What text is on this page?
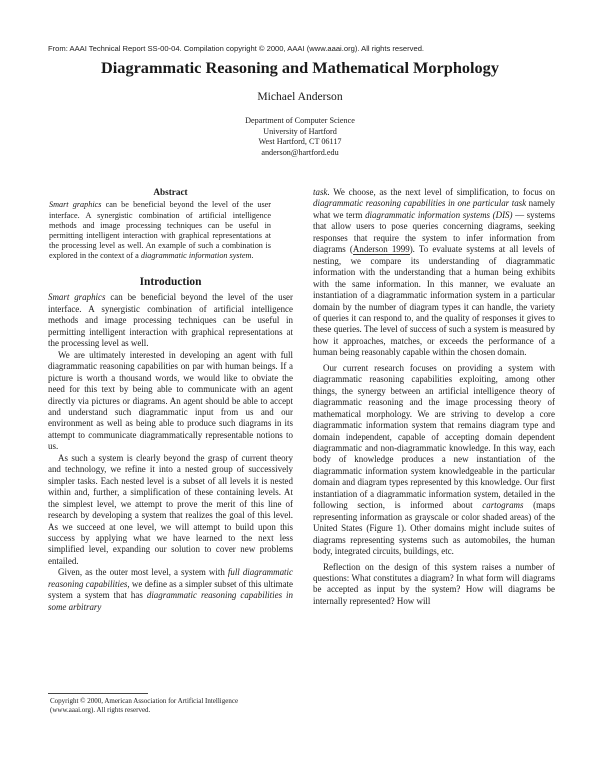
From: AAAI Technical Report SS-00-04. Compilation copyright © 2000, AAAI (www.aaai.org). All rights reserved.
Diagrammatic Reasoning and Mathematical Morphology
Michael Anderson
Department of Computer Science
University of Hartford
West Hartford, CT 06117
anderson@hartford.edu
Abstract

Smart graphics can be beneficial beyond the level of the user interface. A synergistic combination of artificial intelligence methods and image processing techniques can be useful in permitting intelligent interaction with graphical representations at the processing level as well. An example of such a combination is explored in the context of a diagrammatic information system.

Introduction

Smart graphics can be beneficial beyond the level of the user interface. A synergistic combination of artificial intelligence methods and image processing techniques can be useful in permitting intelligent interaction with graphical representations at the processing level as well.

We are ultimately interested in developing an agent with full diagrammatic reasoning capabilities on par with human beings. If a picture is worth a thousand words, we would like to obviate the need for this text by being able to communicate with an agent directly via pictures or diagrams. An agent should be able to accept and understand such diagrammatic input from us and our environment as well as being able to produce such diagrams in its attempt to communicate diagrammatically representable notions to us.

As such a system is clearly beyond the grasp of current theory and technology, we refine it into a nested group of successively simpler tasks. Each nested level is a subset of all levels it is nested within and, further, a simplification of these containing levels. At the simplest level, we attempt to prove the merit of this line of research by developing a system that realizes the goal of this level. As we succeed at one level, we will attempt to build upon this success by applying what we have learned to the next less simplified level, expanding our solution to cover new problems entailed.

Given, as the outer most level, a system with full diagrammatic reasoning capabilities, we define as a simpler subset of this ultimate system a system that has diagrammatic reasoning capabilities in some arbitrary

Copyright © 2000, American Association for Artificial Intelligence
(www.aaai.org). All rights reserved.

task. We choose, as the next level of simplification, to focus on diagrammatic reasoning capabilities in one particular task namely what we term diagrammatic information systems (DIS) — systems that allow users to pose queries concerning diagrams, seeking responses that require the system to infer information from diagrams (Anderson 1999). To evaluate systems at all levels of nesting, we compare its understanding of diagrammatic information with the understanding that a human being exhibits with the same information. In this manner, we evaluate an instantiation of a diagrammatic information system in a particular domain by the number of diagram types it can handle, the variety of queries it can respond to, and the quality of responses it gives to these queries. The level of success of such a system is measured by how it approaches, matches, or exceeds the performance of a human being reasonably capable within the chosen domain.

Our current research focuses on providing a system with diagrammatic reasoning capabilities exploiting, among other things, the synergy between an artificial intelligence theory of diagrammatic reasoning and the image processing theory of mathematical morphology. We are striving to develop a core diagrammatic information system that remains diagram type and domain independent, capable of accepting domain dependent diagrammatic and non-diagrammatic knowledge. In this way, each body of knowledge produces a new instantiation of the diagrammatic information system knowledgeable in the particular domain and diagram types represented by this knowledge. Our first instantiation of a diagrammatic information system, detailed in the following section, is informed about cartograms (maps representing information as grayscale or color shaded areas) of the United States (Figure 1). Other domains might include suites of diagrams representing systems such as automobiles, the human body, integrated circuits, buildings, etc.

Reflection on the design of this system raises a number of questions: What constitutes a diagram? In what form will diagrams be accepted as input by the system? How will diagrams be internally represented? How will
